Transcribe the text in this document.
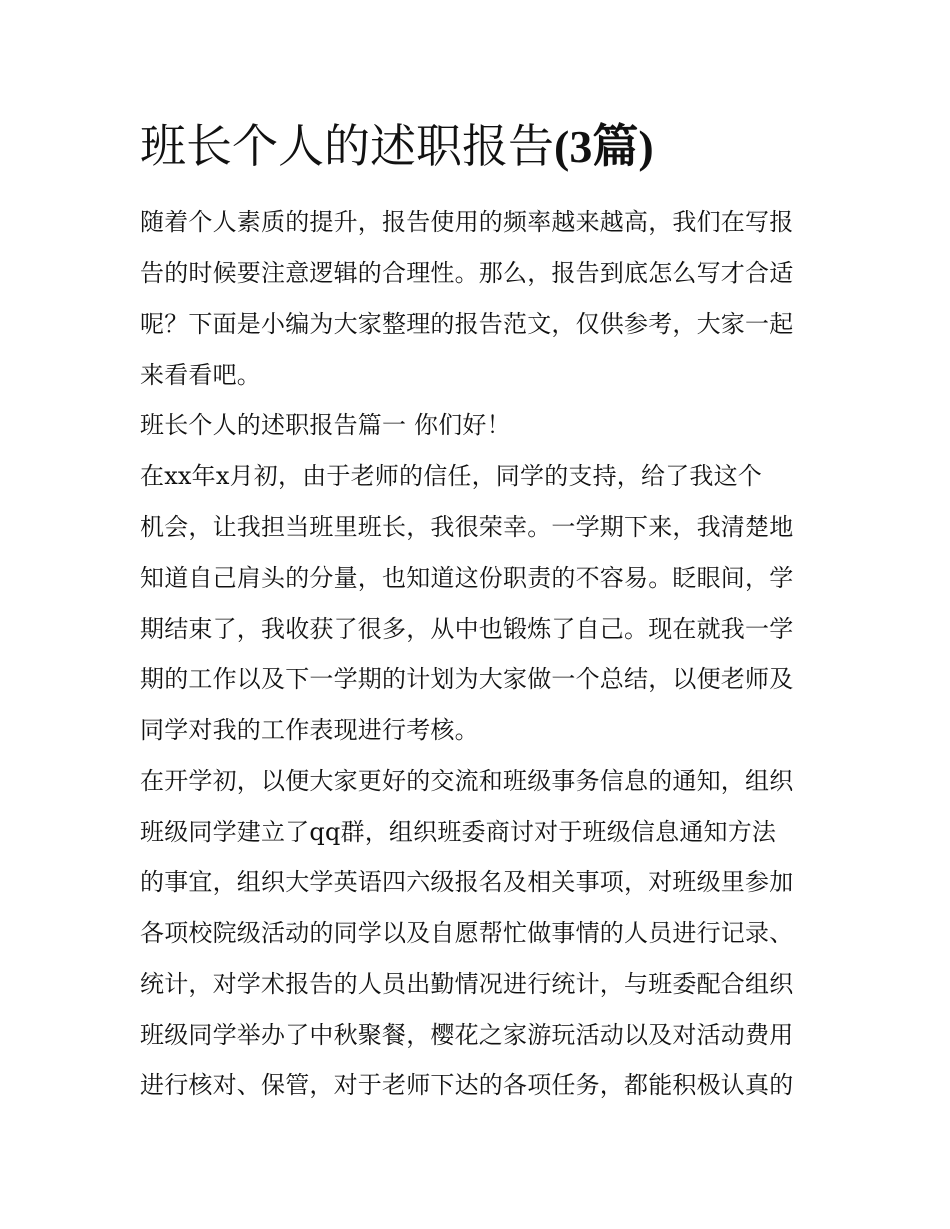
班长个人的述职报告(3篇)

随着个人素质的提升，报告使用的频率越来越高，我们在写报

告的时候要注意逻辑的合理性。那么，报告到底怎么写才合适

呢？下面是小编为大家整理的报告范文，仅供参考，大家一起

来看看吧。

班长个人的述职报告篇一 你们好！

在xx年x月初，由于老师的信任，同学的支持，给了我这个

机会，让我担当班里班长，我很荣幸。一学期下来，我清楚地

知道自己肩头的分量，也知道这份职责的不容易。眨眼间，学

期结束了，我收获了很多，从中也锻炼了自己。现在就我一学

期的工作以及下一学期的计划为大家做一个总结，以便老师及

同学对我的工作表现进行考核。

在开学初，以便大家更好的交流和班级事务信息的通知，组织

班级同学建立了qq群，组织班委商讨对于班级信息通知方法

的事宜，组织大学英语四六级报名及相关事项，对班级里参加

各项校院级活动的同学以及自愿帮忙做事情的人员进行记录、

统计，对学术报告的人员出勤情况进行统计，与班委配合组织

班级同学举办了中秋聚餐，樱花之家游玩活动以及对活动费用

进行核对、保管，对于老师下达的各项任务，都能积极认真的
